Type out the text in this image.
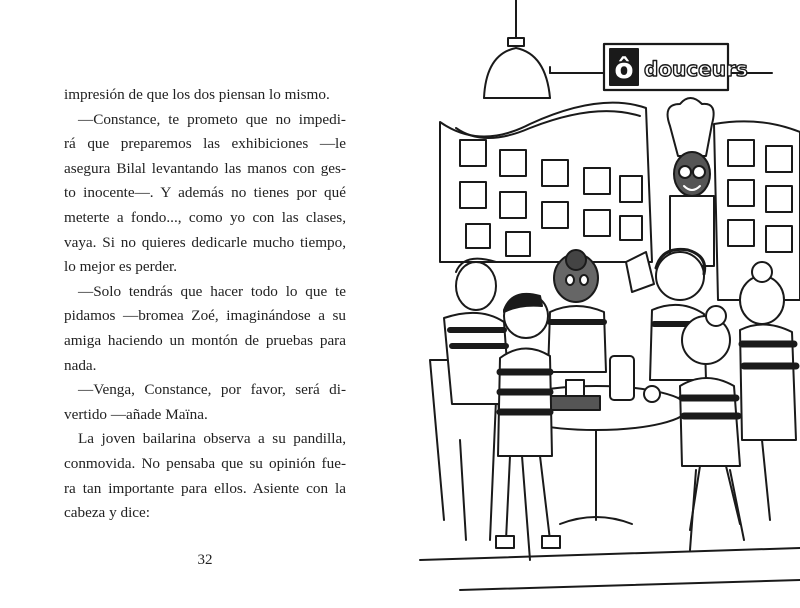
impresión de que los dos piensan lo mismo.

—Constance, te prometo que no impedi-
rá que preparemos las exhibiciones —le
asegura Bilal levantando las manos con ges-
to inocente—. Y además no tienes por qué
meterte a fondo..., como yo con las clases,
vaya. Si no quieres dedicarle mucho tiempo,
lo mejor es perder.

—Solo tendrás que hacer todo lo que te
pidamos —bromea Zoé, imaginándose a su
amiga haciendo un montón de pruebas para
nada.

—Venga, Constance, por favor, será di-
vertido —añade Maïna.

La joven bailarina observa a su pandilla,
conmovida. No pensaba que su opinión fue-
ra tan importante para ellos. Asiente con la
cabeza y dice:

32
ô douceurs
